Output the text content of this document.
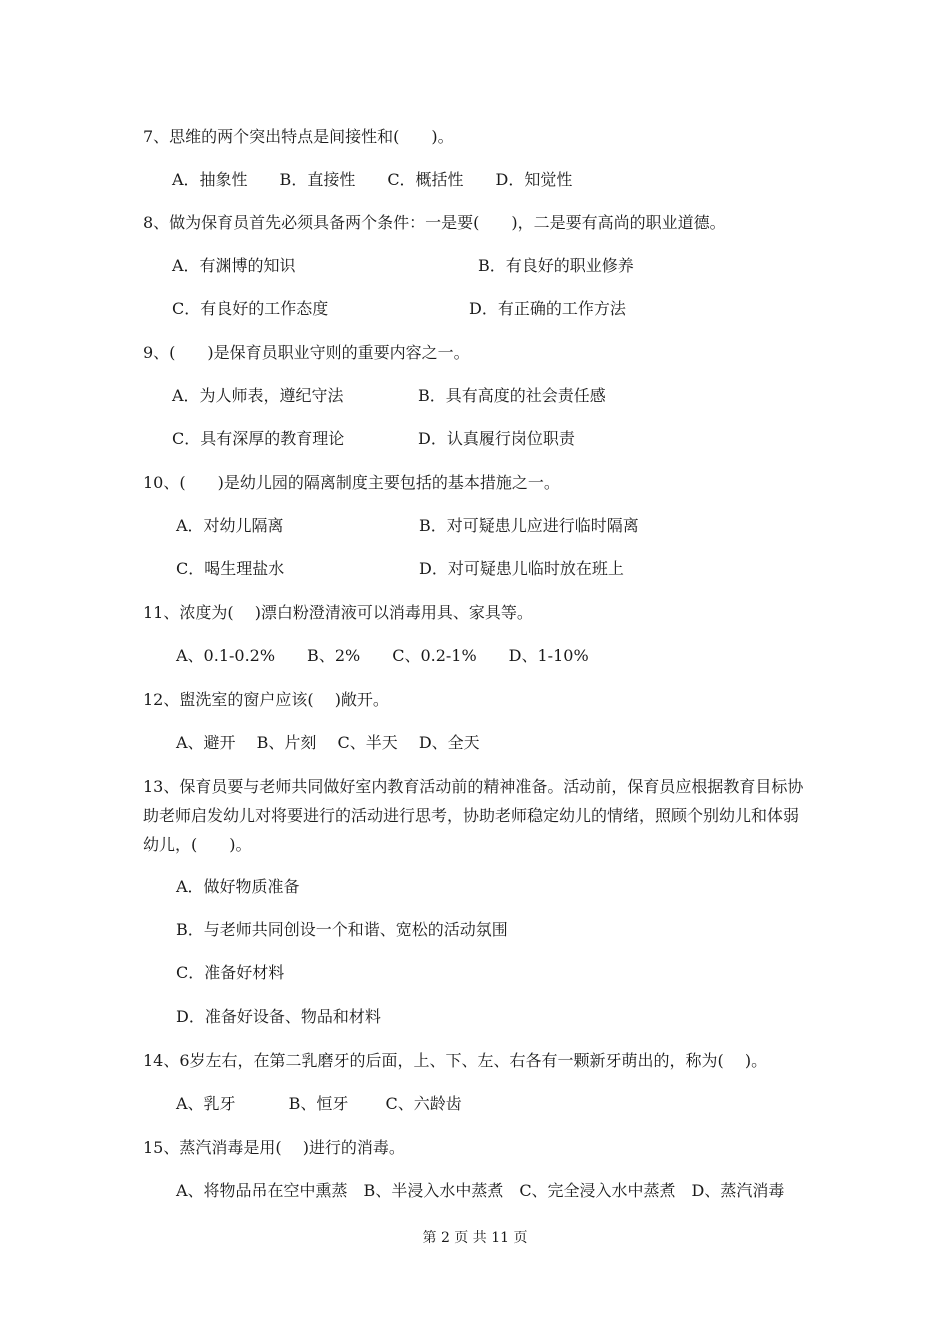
7、思维的两个突出特点是间接性和(　　)。
A．抽象性　　B．直接性　　C．概括性　　D．知觉性
8、做为保育员首先必须具备两个条件：一是要(　　)，二是要有高尚的职业道德。
A．有渊博的知识	B．有良好的职业修养
C．有良好的工作态度	D．有正确的工作方法
9、(　　)是保育员职业守则的重要内容之一。
A．为人师表，遵纪守法	B．具有高度的社会责任感
C．具有深厚的教育理论	D．认真履行岗位职责
10、(　　)是幼儿园的隔离制度主要包括的基本措施之一。
A．对幼儿隔离	B．对可疑患儿应进行临时隔离
C．喝生理盐水	D．对可疑患儿临时放在班上
11、浓度为(　 )漂白粉澄清液可以消毒用具、家具等。
A、0.1-0.2%　　B、2%　　C、0.2-1%　　D、1-10%
12、盥洗室的窗户应该(　 )敞开。
A、避开　 B、片刻　 C、半天　 D、全天
13、保育员要与老师共同做好室内教育活动前的精神准备。活动前，保育员应根据教育目标协助老师启发幼儿对将要进行的活动进行思考，协助老师稳定幼儿的情绪，照顾个别幼儿和体弱幼儿，(　　)。
A．做好物质准备
B．与老师共同创设一个和谐、宽松的活动氛围
C．准备好材料
D．准备好设备、物品和材料
14、6岁左右，在第二乳磨牙的后面，上、下、左、右各有一颗新牙萌出的，称为(　 )。
A、乳牙　　　 B、恒牙　　 C、六龄齿
15、蒸汽消毒是用(　 )进行的消毒。
A、将物品吊在空中熏蒸　B、半浸入水中蒸煮　C、完全浸入水中蒸煮　D、蒸汽消毒
第 2 页 共 11 页
